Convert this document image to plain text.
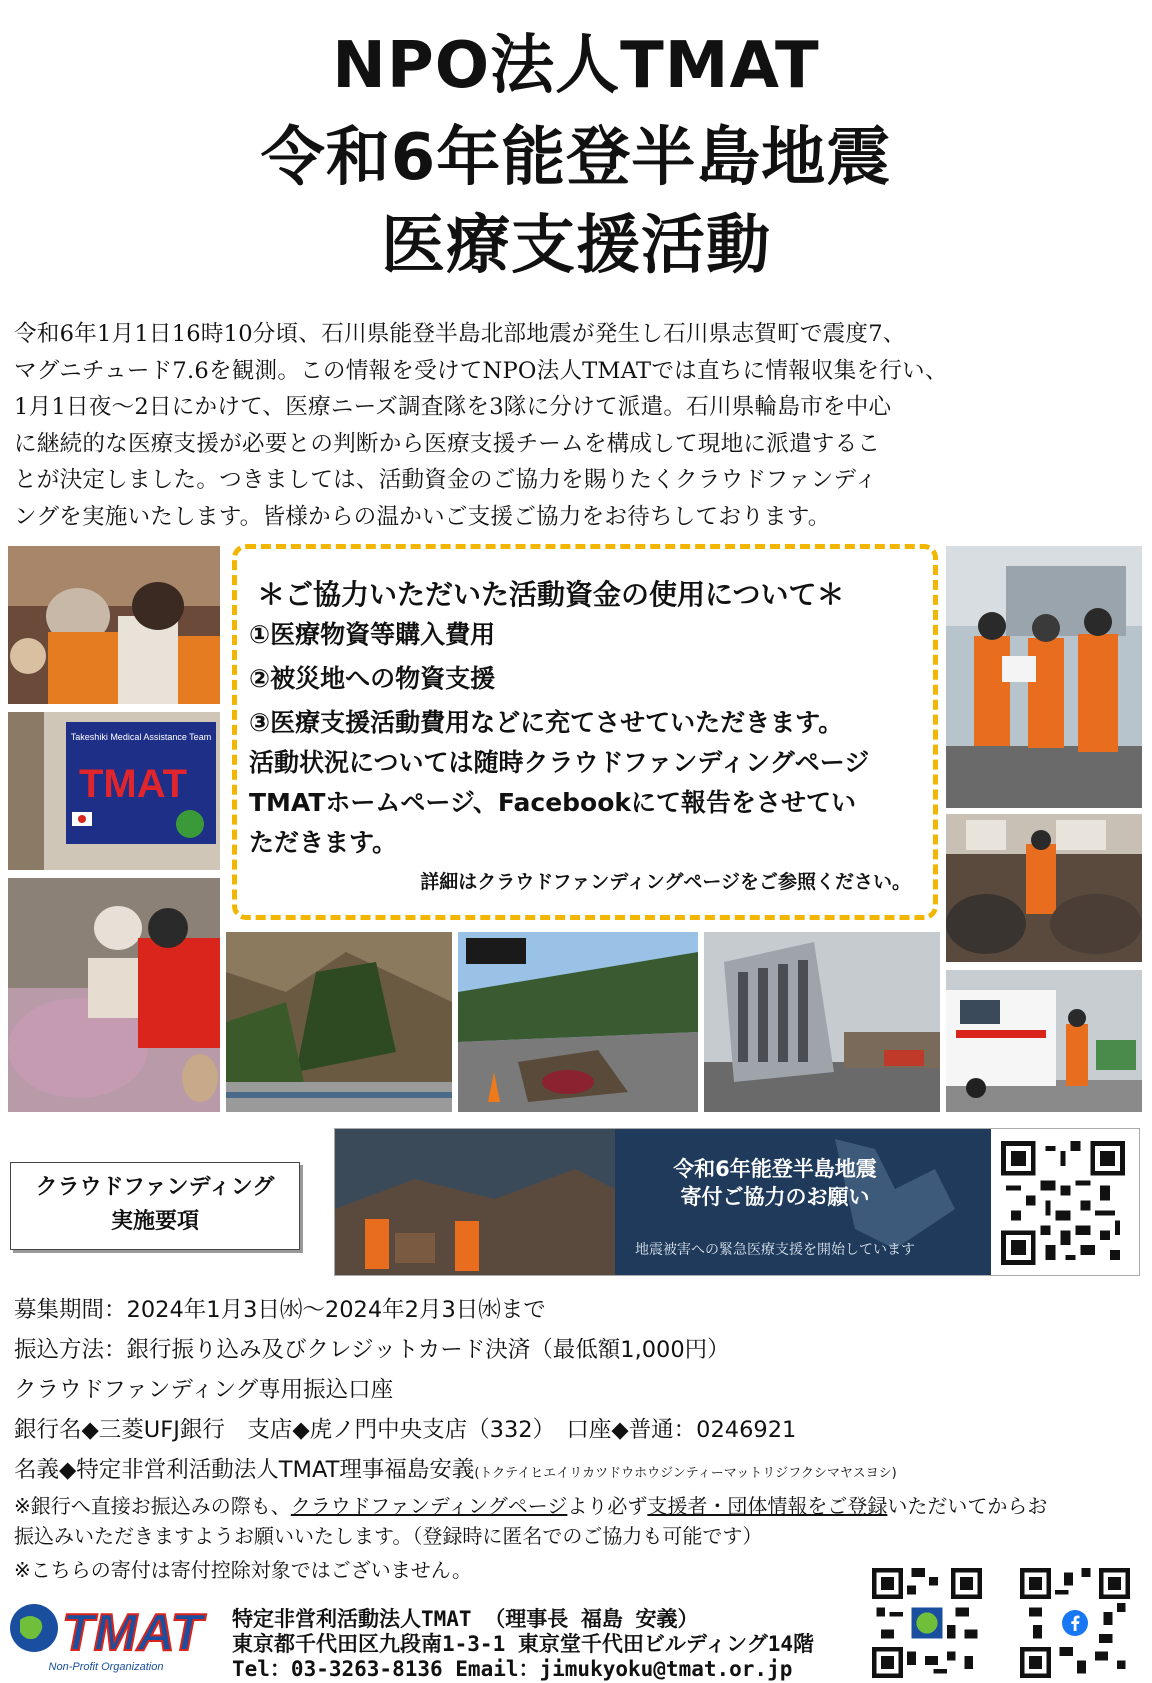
NPO法人TMAT
令和6年能登半島地震
医療支援活動
令和6年1月1日16時10分頃、石川県能登半島北部地震が発生し石川県志賀町で震度7、
マグニチュード7.6を観測。この情報を受けてNPO法人TMATでは直ちに情報収集を行い、
1月1日夜～2日にかけて、医療ニーズ調査隊を3隊に分けて派遣。石川県輪島市を中心
に継続的な医療支援が必要との判断から医療支援チームを構成して現地に派遣するこ
とが決定しました。つきましては、活動資金のご協力を賜りたくクラウドファンディ
ングを実施いたします。皆様からの温かいご支援ご協力をお待ちしております。
Takeshiki Medical Assistance Team
TMAT
＊ご協力いただいた活動資金の使用について＊
①医療物資等購入費用
②被災地への物資支援
③医療支援活動費用などに充てさせていただきます。
活動状況については随時クラウドファンディングページ
TMATホームページ、Facebookにて報告をさせてい
ただきます。
詳細はクラウドファンディングページをご参照ください。
クラウドファンディング
実施要項
令和6年能登半島地震
寄付ご協力のお願い
地震被害への緊急医療支援を開始しています
募集期間：2024年1月3日㈬～2024年2月3日㈬まで
振込方法：銀行振り込み及びクレジットカード決済（最低額1,000円）
クラウドファンディング専用振込口座
銀行名◆三菱UFJ銀行　支店◆虎ノ門中央支店（332）　口座◆普通：0246921
名義◆特定非営利活動法人TMAT理事福島安義(トクテイヒエイリカツドウホウジンティーマットリジフクシマヤスヨシ)
※銀行へ直接お振込みの際も、クラウドファンディングページより必ず支援者・団体情報をご登録いただいてからお
振込みいただきますようお願いいたします。（登録時に匿名でのご協力も可能です）
※こちらの寄付は寄付控除対象ではございません。
TMAT
Non-Profit Organization
特定非営利活動法人TMAT （理事長 福島 安義）
東京都千代田区九段南1-3-1 東京堂千代田ビルディング14階
Tel：03-3263-8136 Email：jimukyoku@tmat.or.jp
